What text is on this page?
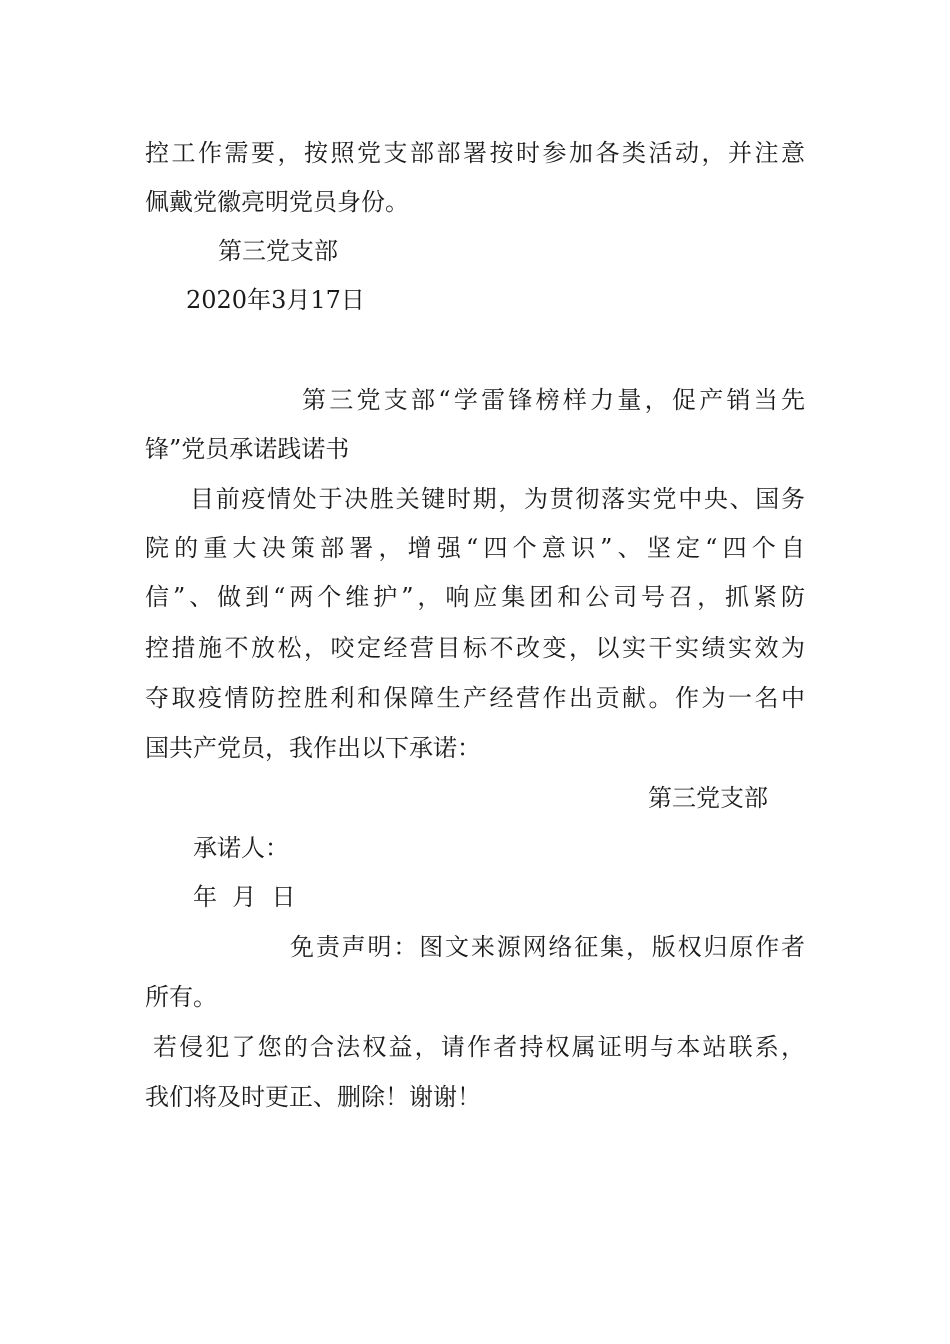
控工作需要，按照党支部部署按时参加各类活动，并注意
佩戴党徽亮明党员身份。
第三党支部
2020年3月17日
第三党支部“学雷锋榜样力量，促产销当先
锋”党员承诺践诺书
目前疫情处于决胜关键时期，为贯彻落实党中央、国务
院的重大决策部署，增强“四个意识”、坚定“四个自
信”、做到“两个维护”，响应集团和公司号召，抓紧防
控措施不放松，咬定经营目标不改变，以实干实绩实效为
夺取疫情防控胜利和保障生产经营作出贡献。作为一名中
国共产党员，我作出以下承诺：
第三党支部
承诺人：
年  月  日
免责声明：图文来源网络征集，版权归原作者
所有。
若侵犯了您的合法权益，请作者持权属证明与本站联系，
我们将及时更正、删除！谢谢！
